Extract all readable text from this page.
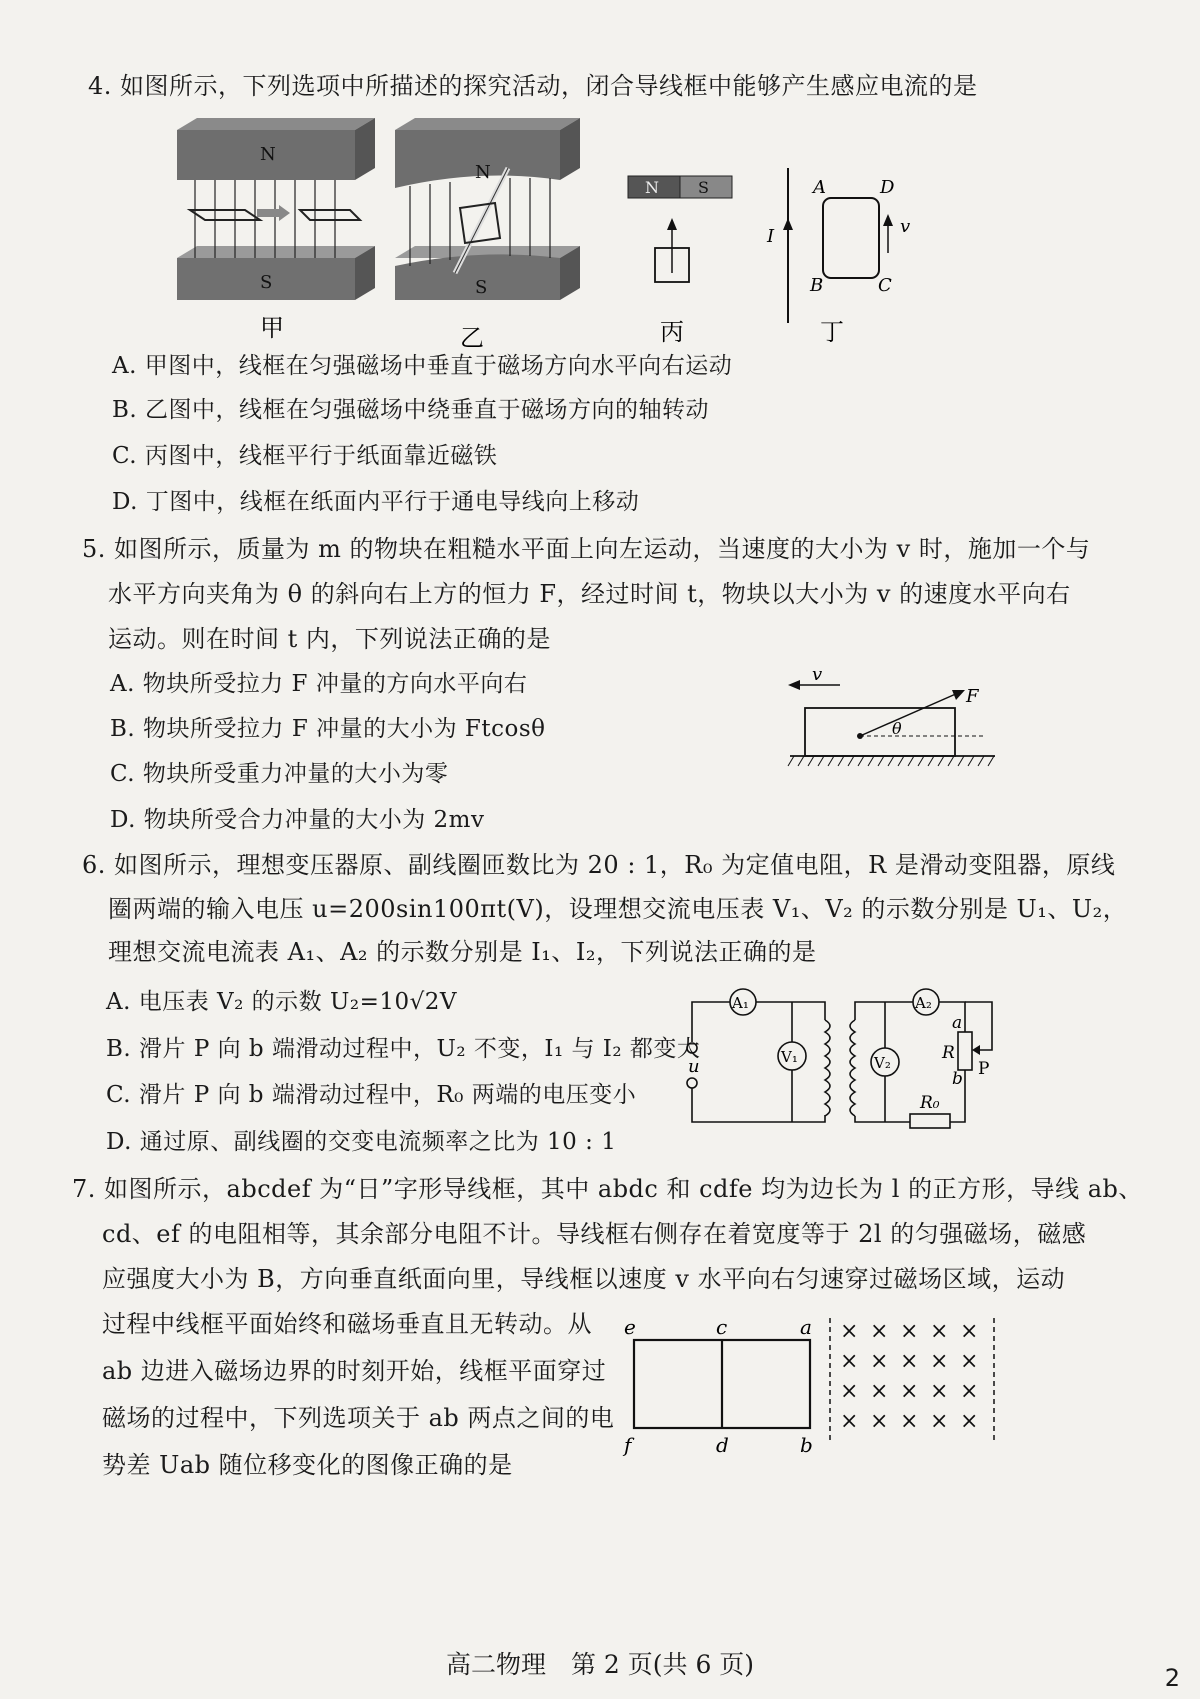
4. 如图所示，下列选项中所描述的探究活动，闭合导线框中能够产生感应电流的是
N
S
N
S
N S	A	D
B	C
I	v
甲	乙	丙	丁
A. 甲图中，线框在匀强磁场中垂直于磁场方向水平向右运动
B. 乙图中，线框在匀强磁场中绕垂直于磁场方向的轴转动
C. 丙图中，线框平行于纸面靠近磁铁
D. 丁图中，线框在纸面内平行于通电导线向上移动
5. 如图所示，质量为 m 的物块在粗糙水平面上向左运动，当速度的大小为 v 时，施加一个与
水平方向夹角为 θ 的斜向右上方的恒力 F，经过时间 t，物块以大小为 v 的速度水平向右
运动。则在时间 t 内，下列说法正确的是
A. 物块所受拉力 F 冲量的方向水平向右
B. 物块所受拉力 F 冲量的大小为 Ftcosθ
C. 物块所受重力冲量的大小为零
D. 物块所受合力冲量的大小为 2mv
v
F
θ
6. 如图所示，理想变压器原、副线圈匝数比为 20 : 1，R₀ 为定值电阻，R 是滑动变阻器，原线
圈两端的输入电压 u=200sin100πt(V)，设理想交流电压表 V₁、V₂ 的示数分别是 U₁、U₂，
理想交流电流表 A₁、A₂ 的示数分别是 I₁、I₂，下列说法正确的是
A. 电压表 V₂ 的示数 U₂=10√2V
B. 滑片 P 向 b 端滑动过程中，U₂ 不变，I₁ 与 I₂ 都变大
C. 滑片 P 向 b 端滑动过程中，R₀ 两端的电压变小
D. 通过原、副线圈的交变电流频率之比为 10 : 1
A₁
V₁
A₂
V₂
u
a
R
b P
R₀
7. 如图所示，abcdef 为“日”字形导线框，其中 abdc 和 cdfe 均为边长为 l 的正方形，导线 ab、
cd、ef 的电阻相等，其余部分电阻不计。导线框右侧存在着宽度等于 2l 的匀强磁场，磁感
应强度大小为 B，方向垂直纸面向里，导线框以速度 v 水平向右匀速穿过磁场区域，运动
过程中线框平面始终和磁场垂直且无转动。从
ab 边进入磁场边界的时刻开始，线框平面穿过
磁场的过程中，下列选项关于 ab 两点之间的电
势差 Uab 随位移变化的图像正确的是
× × × × ×
× × × × ×
× × × × ×
× × × × ×
e	c	a
f	d	b
高二物理　第 2 页(共 6 页)	2
